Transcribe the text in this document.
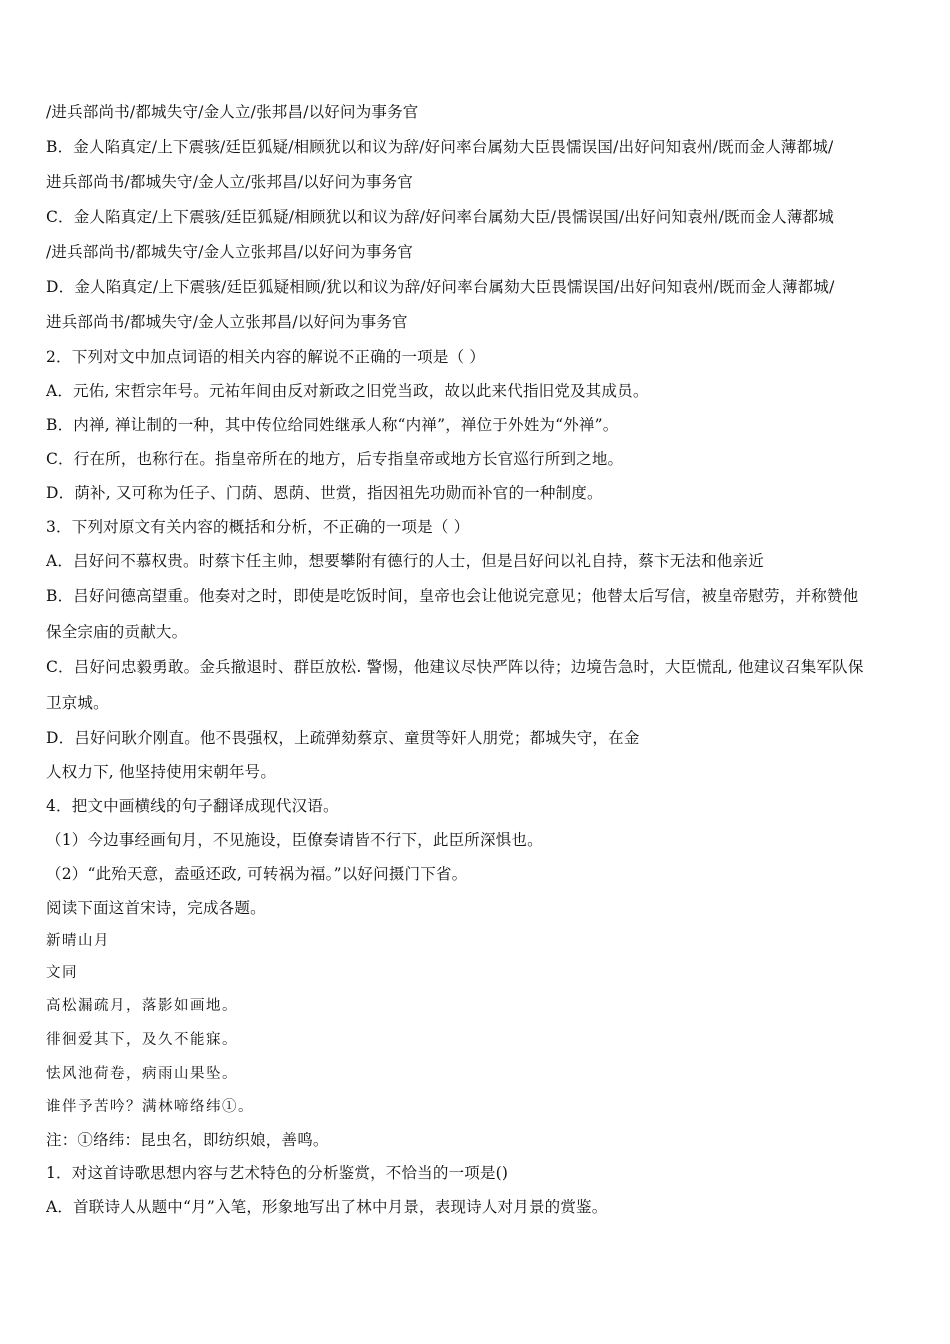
/进兵部尚书/都城失守/金人立/张邦昌/以好问为事务官
B．金人陷真定/上下震骇/廷臣狐疑/相顾犹以和议为辞/好问率台属劾大臣畏懦误国/出好问知袁州/既而金人薄都城/
进兵部尚书/都城失守/金人立/张邦昌/以好问为事务官
C．金人陷真定/上下震骇/廷臣狐疑/相顾犹以和议为辞/好问率台属劾大臣/畏懦误国/出好问知袁州/既而金人薄都城
/进兵部尚书/都城失守/金人立张邦昌/以好问为事务官
D．金人陷真定/上下震骇/廷臣狐疑相顾/犹以和议为辞/好问率台属劾大臣畏懦误国/出好问知袁州/既而金人薄都城/
进兵部尚书/都城失守/金人立张邦昌/以好问为事务官
2．下列对文中加点词语的相关内容的解说不正确的一项是（ ）
A．元佑, 宋哲宗年号。元祐年间由反对新政之旧党当政，故以此来代指旧党及其成员。
B．内禅, 禅让制的一种，其中传位给同姓继承人称“内禅”，禅位于外姓为“外禅”。
C．行在所，也称行在。指皇帝所在的地方，后专指皇帝或地方长官巡行所到之地。
D．荫补, 又可称为任子、门荫、恩荫、世赏，指因祖先功勋而补官的一种制度。
3．下列对原文有关内容的概括和分析，不正确的一项是（ ）
A．吕好问不慕权贵。时蔡卞任主帅，想要攀附有德行的人士，但是吕好问以礼自持，蔡卞无法和他亲近
B．吕好问德高望重。他奏对之时，即使是吃饭时间，皇帝也会让他说完意见；他替太后写信，被皇帝慰劳，并称赞他
保全宗庙的贡献大。
C．吕好问忠毅勇敢。金兵撤退时、群臣放松. 警惕，他建议尽快严阵以待；边境告急时，大臣慌乱, 他建议召集军队保
卫京城。
D．吕好问耿介刚直。他不畏强权，上疏弹劾蔡京、童贯等奸人朋党；都城失守，在金
人权力下, 他坚持使用宋朝年号。
4．把文中画横线的句子翻译成现代汉语。
（1）今边事经画旬月，不见施设，臣僚奏请皆不行下，此臣所深惧也。
（2）“此殆天意，盍亟还政, 可转祸为福。”以好问摄门下省。
阅读下面这首宋诗，完成各题。
新晴山月
文同
高松漏疏月，落影如画地。
徘徊爱其下，及久不能寐。
怯风池荷卷，病雨山果坠。
谁伴予苦吟？满林啼络纬①。
注：①络纬：昆虫名，即纺织娘，善鸣。
1．对这首诗歌思想内容与艺术特色的分析鉴赏，不恰当的一项是()
A．首联诗人从题中“月”入笔，形象地写出了林中月景，表现诗人对月景的赏鉴。
